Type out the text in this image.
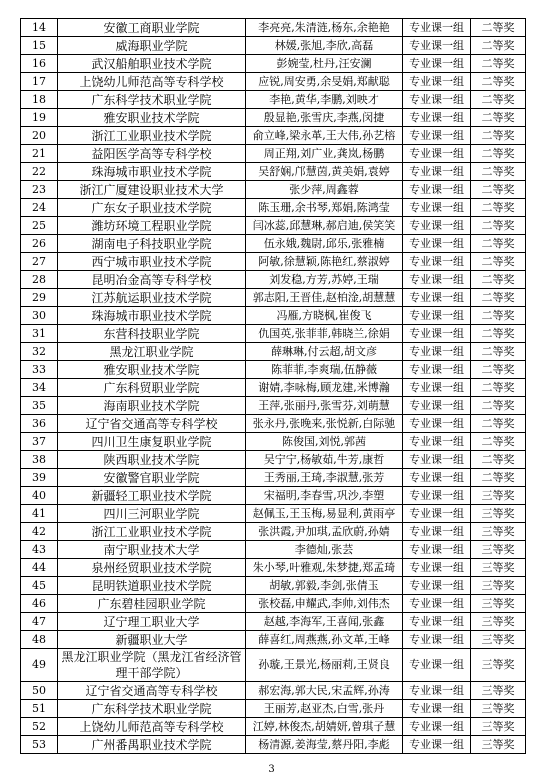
14	安徽工商职业学院	李亮亮,朱清涟,杨东,余艳艳	专业课一组	二等奖
15	威海职业学院	林媛,张旭,李欣,高磊	专业课一组	二等奖
16	武汉船舶职业技术学院	彭婉莹,杜丹,汪安澜	专业课一组	二等奖
17	上饶幼儿师范高等专科学校	应锐,周安勇,余旻娟,郑献聪	专业课一组	二等奖
18	广东科学技术职业学院	李艳,黄华,李鹏,刘映才	专业课一组	二等奖
19	雅安职业技术学院	殷显艳,张雪庆,李燕,闵捷	专业课一组	二等奖
20	浙江工业职业技术学院	俞立峰,梁永革,王大伟,孙艺榕	专业课一组	二等奖
21	益阳医学高等专科学校	周正翔,刘广业,龚岚,杨鹏	专业课一组	二等奖
22	珠海城市职业技术学院	吴舒娴,邝慧茵,黄美娟,袁婷	专业课一组	二等奖
23	浙江广厦建设职业技术大学	张少萍,周鑫蓉	专业课一组	二等奖
24	广东女子职业技术学院	陈玉珊,余书琴,郑娟,陈鸿莹	专业课一组	二等奖
25	潍坊环境工程职业学院	闫冰蕊,邱慧琳,郝启迪,侯笑笑	专业课一组	二等奖
26	湖南电子科技职业学院	伍永娥,魏尉,邱乐,张雅楠	专业课一组	二等奖
27	西宁城市职业技术学院	阿敏,徐慧颖,陈艳红,蔡淑婷	专业课一组	二等奖
28	昆明冶金高等专科学校	刘发稳,方芳,苏婷,王瑞	专业课一组	二等奖
29	江苏航运职业技术学院	郭志阳,王晋佳,赵柏淦,胡慧慧	专业课一组	二等奖
30	珠海城市职业技术学院	冯雁,方晓枫,崔俊飞	专业课一组	二等奖
31	东营科技职业学院	仇国英,张菲菲,韩晓兰,徐娟	专业课一组	二等奖
32	黑龙江职业学院	薛琳琳,付云超,胡文彦	专业课一组	二等奖
33	雅安职业技术学院	陈菲菲,李爽瑞,伍静薇	专业课一组	二等奖
34	广东科贸职业学院	谢婧,李咏梅,顾龙建,米博瀚	专业课一组	二等奖
35	海南职业技术学院	王萍,张丽丹,张雪芬,刘萌慧	专业课一组	二等奖
36	辽宁省交通高等专科学校	张永丹,张晚来,张悦新,白际驰	专业课一组	二等奖
37	四川卫生康复职业学院	陈俊国,刘悦,郭茜	专业课一组	二等奖
38	陕西职业技术学院	吴宁宁,杨敏茹,牛芳,康哲	专业课一组	二等奖
39	安徽警官职业学院	王秀丽,王琦,李淑慧,张芳	专业课一组	二等奖
40	新疆轻工职业技术学院	宋福明,李春雪,巩沙,李塑	专业课一组	三等奖
41	四川三河职业学院	赵佩玉,王玉梅,易显利,黄雨亭	专业课一组	三等奖
42	浙江工业职业技术学院	张洪霞,尹加琪,孟欣蔚,孙婧	专业课一组	三等奖
43	南宁职业技术大学	李德灿,张芸	专业课一组	三等奖
44	泉州经贸职业技术学院	朱小琴,叶雅观,朱梦捷,郑孟琦	专业课一组	三等奖
45	昆明铁道职业技术学院	胡敏,郭毅,李剑,张倩玉	专业课一组	三等奖
46	广东碧桂园职业学院	张校磊,申耀武,李帅,刘伟杰	专业课一组	三等奖
47	辽宁理工职业大学	赵越,李海军,王喜闻,张鑫	专业课一组	三等奖
48	新疆职业大学	薛喜红,周燕燕,孙文革,王峰	专业课一组	三等奖
49	黑龙江职业学院（黑龙江省经济管理干部学院）	孙璇,王景光,杨丽莉,王贤良	专业课一组	三等奖
50	辽宁省交通高等专科学校	郝宏海,郭大民,宋孟辉,孙涛	专业课一组	三等奖
51	广东科学技术职业学院	王丽芳,赵亚杰,白雪,张丹	专业课一组	三等奖
52	上饶幼儿师范高等专科学校	江婷,林俊杰,胡婧妍,曾琪子慧	专业课一组	三等奖
53	广州番禺职业技术学院	杨清源,姜海莹,蔡丹阳,李彪	专业课一组	三等奖
3
